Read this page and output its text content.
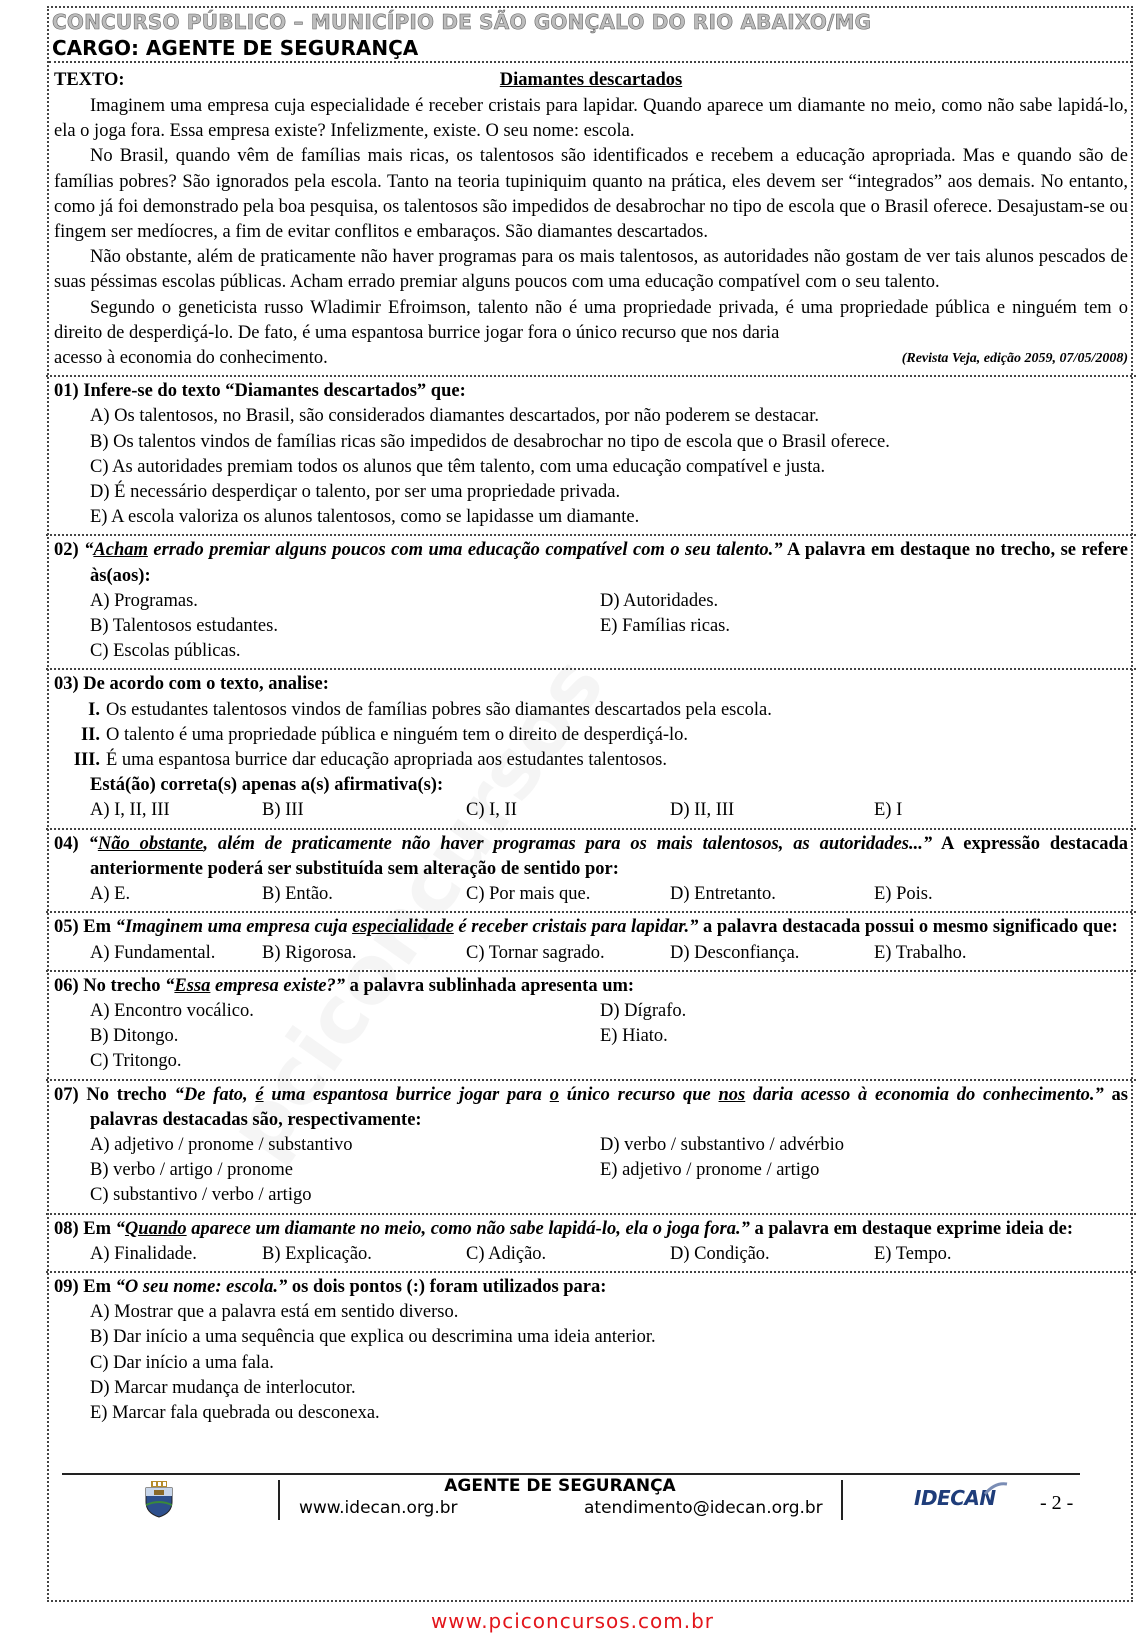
CONCURSO PÚBLICO – MUNICÍPIO DE SÃO GONÇALO DO RIO ABAIXO/MG
CARGO: AGENTE DE SEGURANÇA
TEXTO:	Diamantes descartados

Imaginem uma empresa cuja especialidade é receber cristais para lapidar. Quando aparece um diamante no meio, como não sabe lapidá-lo, ela o joga fora. Essa empresa existe? Infelizmente, existe. O seu nome: escola.

No Brasil, quando vêm de famílias mais ricas, os talentosos são identificados e recebem a educação apropriada. Mas e quando são de famílias pobres? São ignorados pela escola. Tanto na teoria tupiniquim quanto na prática, eles devem ser “integrados” aos demais. No entanto, como já foi demonstrado pela boa pesquisa, os talentosos são impedidos de desabrochar no tipo de escola que o Brasil oferece. Desajustam-se ou fingem ser medíocres, a fim de evitar conflitos e embaraços. São diamantes descartados.

Não obstante, além de praticamente não haver programas para os mais talentosos, as autoridades não gostam de ver tais alunos pescados de suas péssimas escolas públicas. Acham errado premiar alguns poucos com uma educação compatível com o seu talento.

Segundo o geneticista russo Wladimir Efroimson, talento não é uma propriedade privada, é uma propriedade pública e ninguém tem o direito de desperdiçá-lo. De fato, é uma espantosa burrice jogar fora o único recurso que nos daria

acesso à economia do conhecimento.	(Revista Veja, edição 2059, 07/05/2008)
01) Infere-se do texto “Diamantes descartados” que:
A) Os talentosos, no Brasil, são considerados diamantes descartados, por não poderem se destacar.
B) Os talentos vindos de famílias ricas são impedidos de desabrochar no tipo de escola que o Brasil oferece.
C) As autoridades premiam todos os alunos que têm talento, com uma educação compatível e justa.
D) É necessário desperdiçar o talento, por ser uma propriedade privada.
E) A escola valoriza os alunos talentosos, como se lapidasse um diamante.
02) “Acham errado premiar alguns poucos com uma educação compatível com o seu talento.” A palavra em destaque no trecho, se refere às(aos):
A) Programas.	D) Autoridades.
B) Talentosos estudantes.	E) Famílias ricas.
C) Escolas públicas.
03) De acordo com o texto, analise:
I. Os estudantes talentosos vindos de famílias pobres são diamantes descartados pela escola.
II. O talento é uma propriedade pública e ninguém tem o direito de desperdiçá-lo.
III. É uma espantosa burrice dar educação apropriada aos estudantes talentosos.
Está(ão) correta(s) apenas a(s) afirmativa(s):
A) I, II, III	B) III	C) I, II	D) II, III	E) I
04) “Não obstante, além de praticamente não haver programas para os mais talentosos, as autoridades...” A expressão destacada anteriormente poderá ser substituída sem alteração de sentido por:
A) E.	B) Então.	C) Por mais que.	D) Entretanto.	E) Pois.
05) Em “Imaginem uma empresa cuja especialidade é receber cristais para lapidar.” a palavra destacada possui o mesmo significado que:
A) Fundamental.	B) Rigorosa.	C) Tornar sagrado.	D) Desconfiança.	E) Trabalho.
06) No trecho “Essa empresa existe?” a palavra sublinhada apresenta um:
A) Encontro vocálico.	D) Dígrafo.
B) Ditongo.	E) Hiato.
C) Tritongo.
07) No trecho “De fato, é uma espantosa burrice jogar para o único recurso que nos daria acesso à economia do conhecimento.” as palavras destacadas são, respectivamente:
A) adjetivo / pronome / substantivo	D) verbo / substantivo / advérbio
B) verbo / artigo / pronome	E) adjetivo / pronome / artigo
C) substantivo / verbo / artigo
08) Em “Quando aparece um diamante no meio, como não sabe lapidá-lo, ela o joga fora.” a palavra em destaque exprime ideia de:
A) Finalidade.	B) Explicação.	C) Adição.	D) Condição.	E) Tempo.
09) Em “O seu nome: escola.” os dois pontos (:) foram utilizados para:
A) Mostrar que a palavra está em sentido diverso.
B) Dar início a uma sequência que explica ou descrimina uma ideia anterior.
C) Dar início a uma fala.
D) Marcar mudança de interlocutor.
E) Marcar fala quebrada ou desconexa.
AGENTE DE SEGURANÇA
www.idecan.org.br	atendimento@idecan.org.br	IDECAN - 2 -
www.pciconcursos.com.br
